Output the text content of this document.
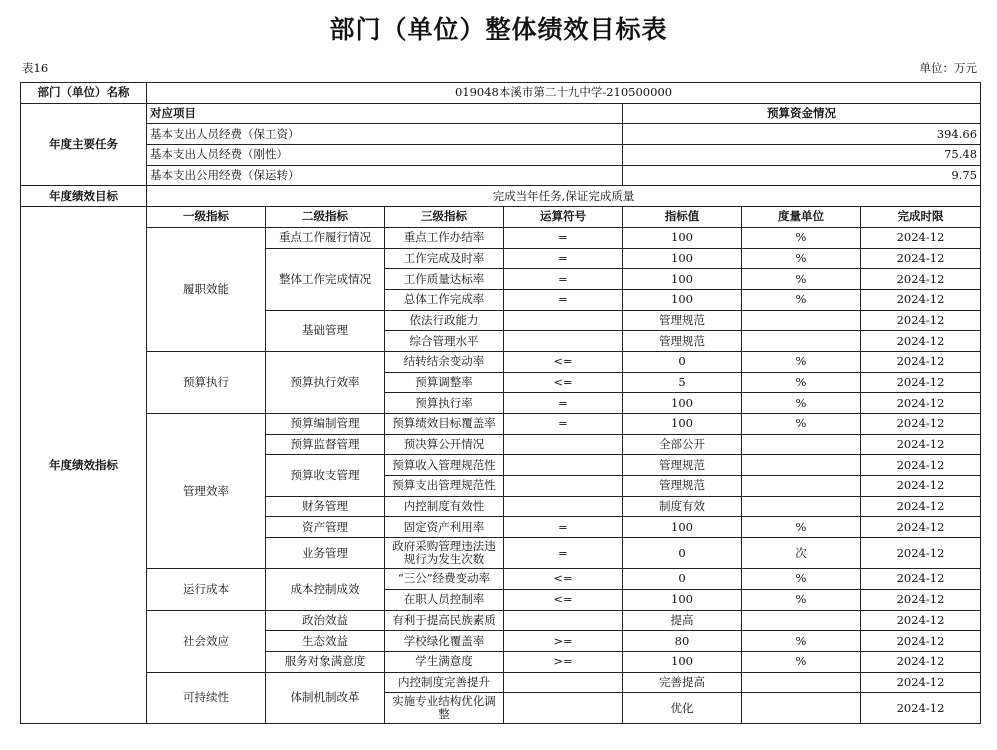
部门（单位）整体绩效目标表
表16	单位：万元
部门（单位）名称	019048本溪市第二十九中学-210500000						
年度主要任务	对应项目				预算资金情况		
	基本支出人员经费（保工资）				394.66		
	基本支出人员经费（刚性）				75.48		
	基本支出公用经费（保运转）				9.75		
年度绩效目标	完成当年任务,保证完成质量						
年度绩效指标	一级指标	二级指标	三级指标	运算符号	指标值	度量单位	完成时限
	履职效能	重点工作履行情况	重点工作办结率	=	100	%	2024-12
		整体工作完成情况	工作完成及时率	=	100	%	2024-12
			工作质量达标率	=	100	%	2024-12
			总体工作完成率	=	100	%	2024-12
		基础管理	依法行政能力		管理规范		2024-12
			综合管理水平		管理规范		2024-12
	预算执行	预算执行效率	结转结余变动率	<=	0	%	2024-12
			预算调整率	<=	5	%	2024-12
			预算执行率	=	100	%	2024-12
	管理效率	预算编制管理	预算绩效目标覆盖率	=	100	%	2024-12
		预算监督管理	预决算公开情况		全部公开		2024-12
		预算收支管理	预算收入管理规范性		管理规范		2024-12
			预算支出管理规范性		管理规范		2024-12
		财务管理	内控制度有效性		制度有效		2024-12
		资产管理	固定资产利用率	=	100	%	2024-12
		业务管理	政府采购管理违法违规行为发生次数	=	0	次	2024-12
	运行成本	成本控制成效	“三公”经费变动率	<=	0	%	2024-12
			在职人员控制率	<=	100	%	2024-12
	社会效应	政治效益	有利于提高民族素质		提高		2024-12
		生态效益	学校绿化覆盖率	>=	80	%	2024-12
		服务对象满意度	学生满意度	>=	100	%	2024-12
	可持续性	体制机制改革	内控制度完善提升		完善提高		2024-12
			实施专业结构优化调整		优化		2024-12
